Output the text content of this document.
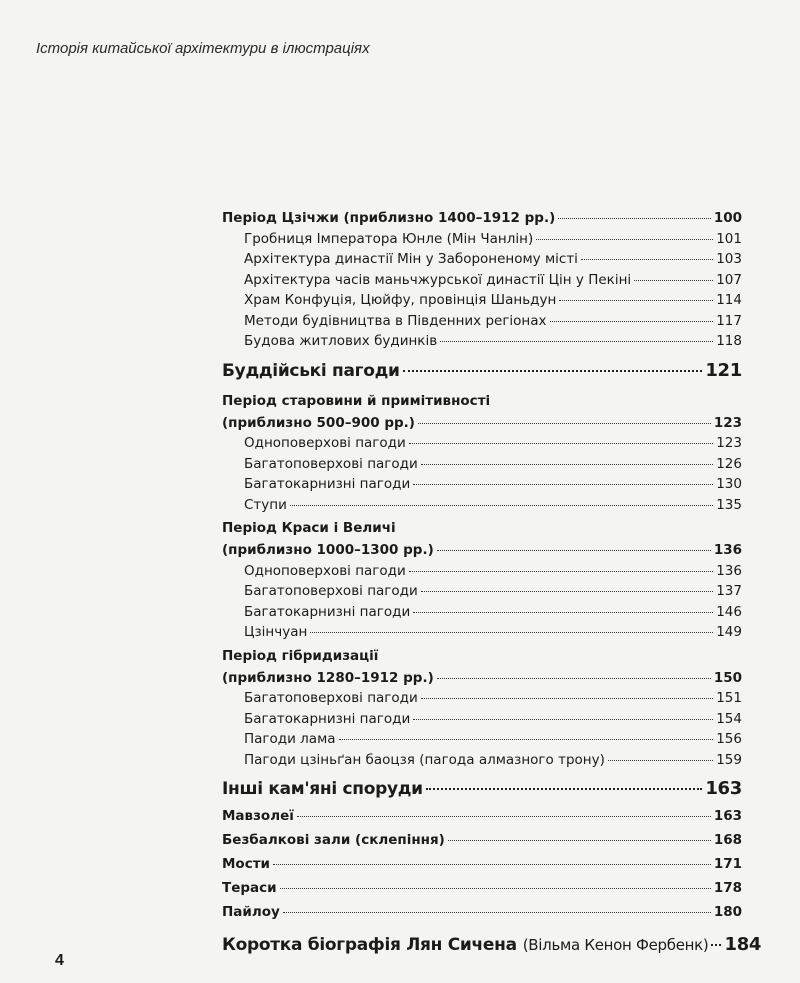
Історія китайської архітектури в ілюстраціях
Період Цзічжи (приблизно 1400–1912 рр.)	100
Гробниця Імператора Юнле (Мін Чанлін)	101
Архітектура династії Мін у Забороненому місті	103
Архітектура часів маньчжурської династії Цін у Пекіні	107
Храм Конфуція, Цюйфу, провінція Шаньдун	114
Методи будівництва в Південних регіонах	117
Будова житлових будинків	118
Буддійські пагоди	121
Період старовини й примітивності
(приблизно 500–900 рр.)	123
Одноповерхові пагоди	123
Багатоповерхові пагоди	126
Багатокарнизні пагоди	130
Ступи	135
Період Краси і Величі
(приблизно 1000–1300 рр.)	136
Одноповерхові пагоди	136
Багатоповерхові пагоди	137
Багатокарнизні пагоди	146
Цзінчуан	149
Період гібридизації
(приблизно 1280–1912 рр.)	150
Багатоповерхові пагоди	151
Багатокарнизні пагоди	154
Пагоди лама	156
Пагоди цзіньґан баоцзя (пагода алмазного трону)	159
Інші кам'яні споруди	163
Мавзолеї	163
Безбалкові зали (склепіння)	168
Мости	171
Тераси	178
Пайлоу	180
Коротка біографія Лян Сичена (Вільма Кенон Фербенк) 184
4
